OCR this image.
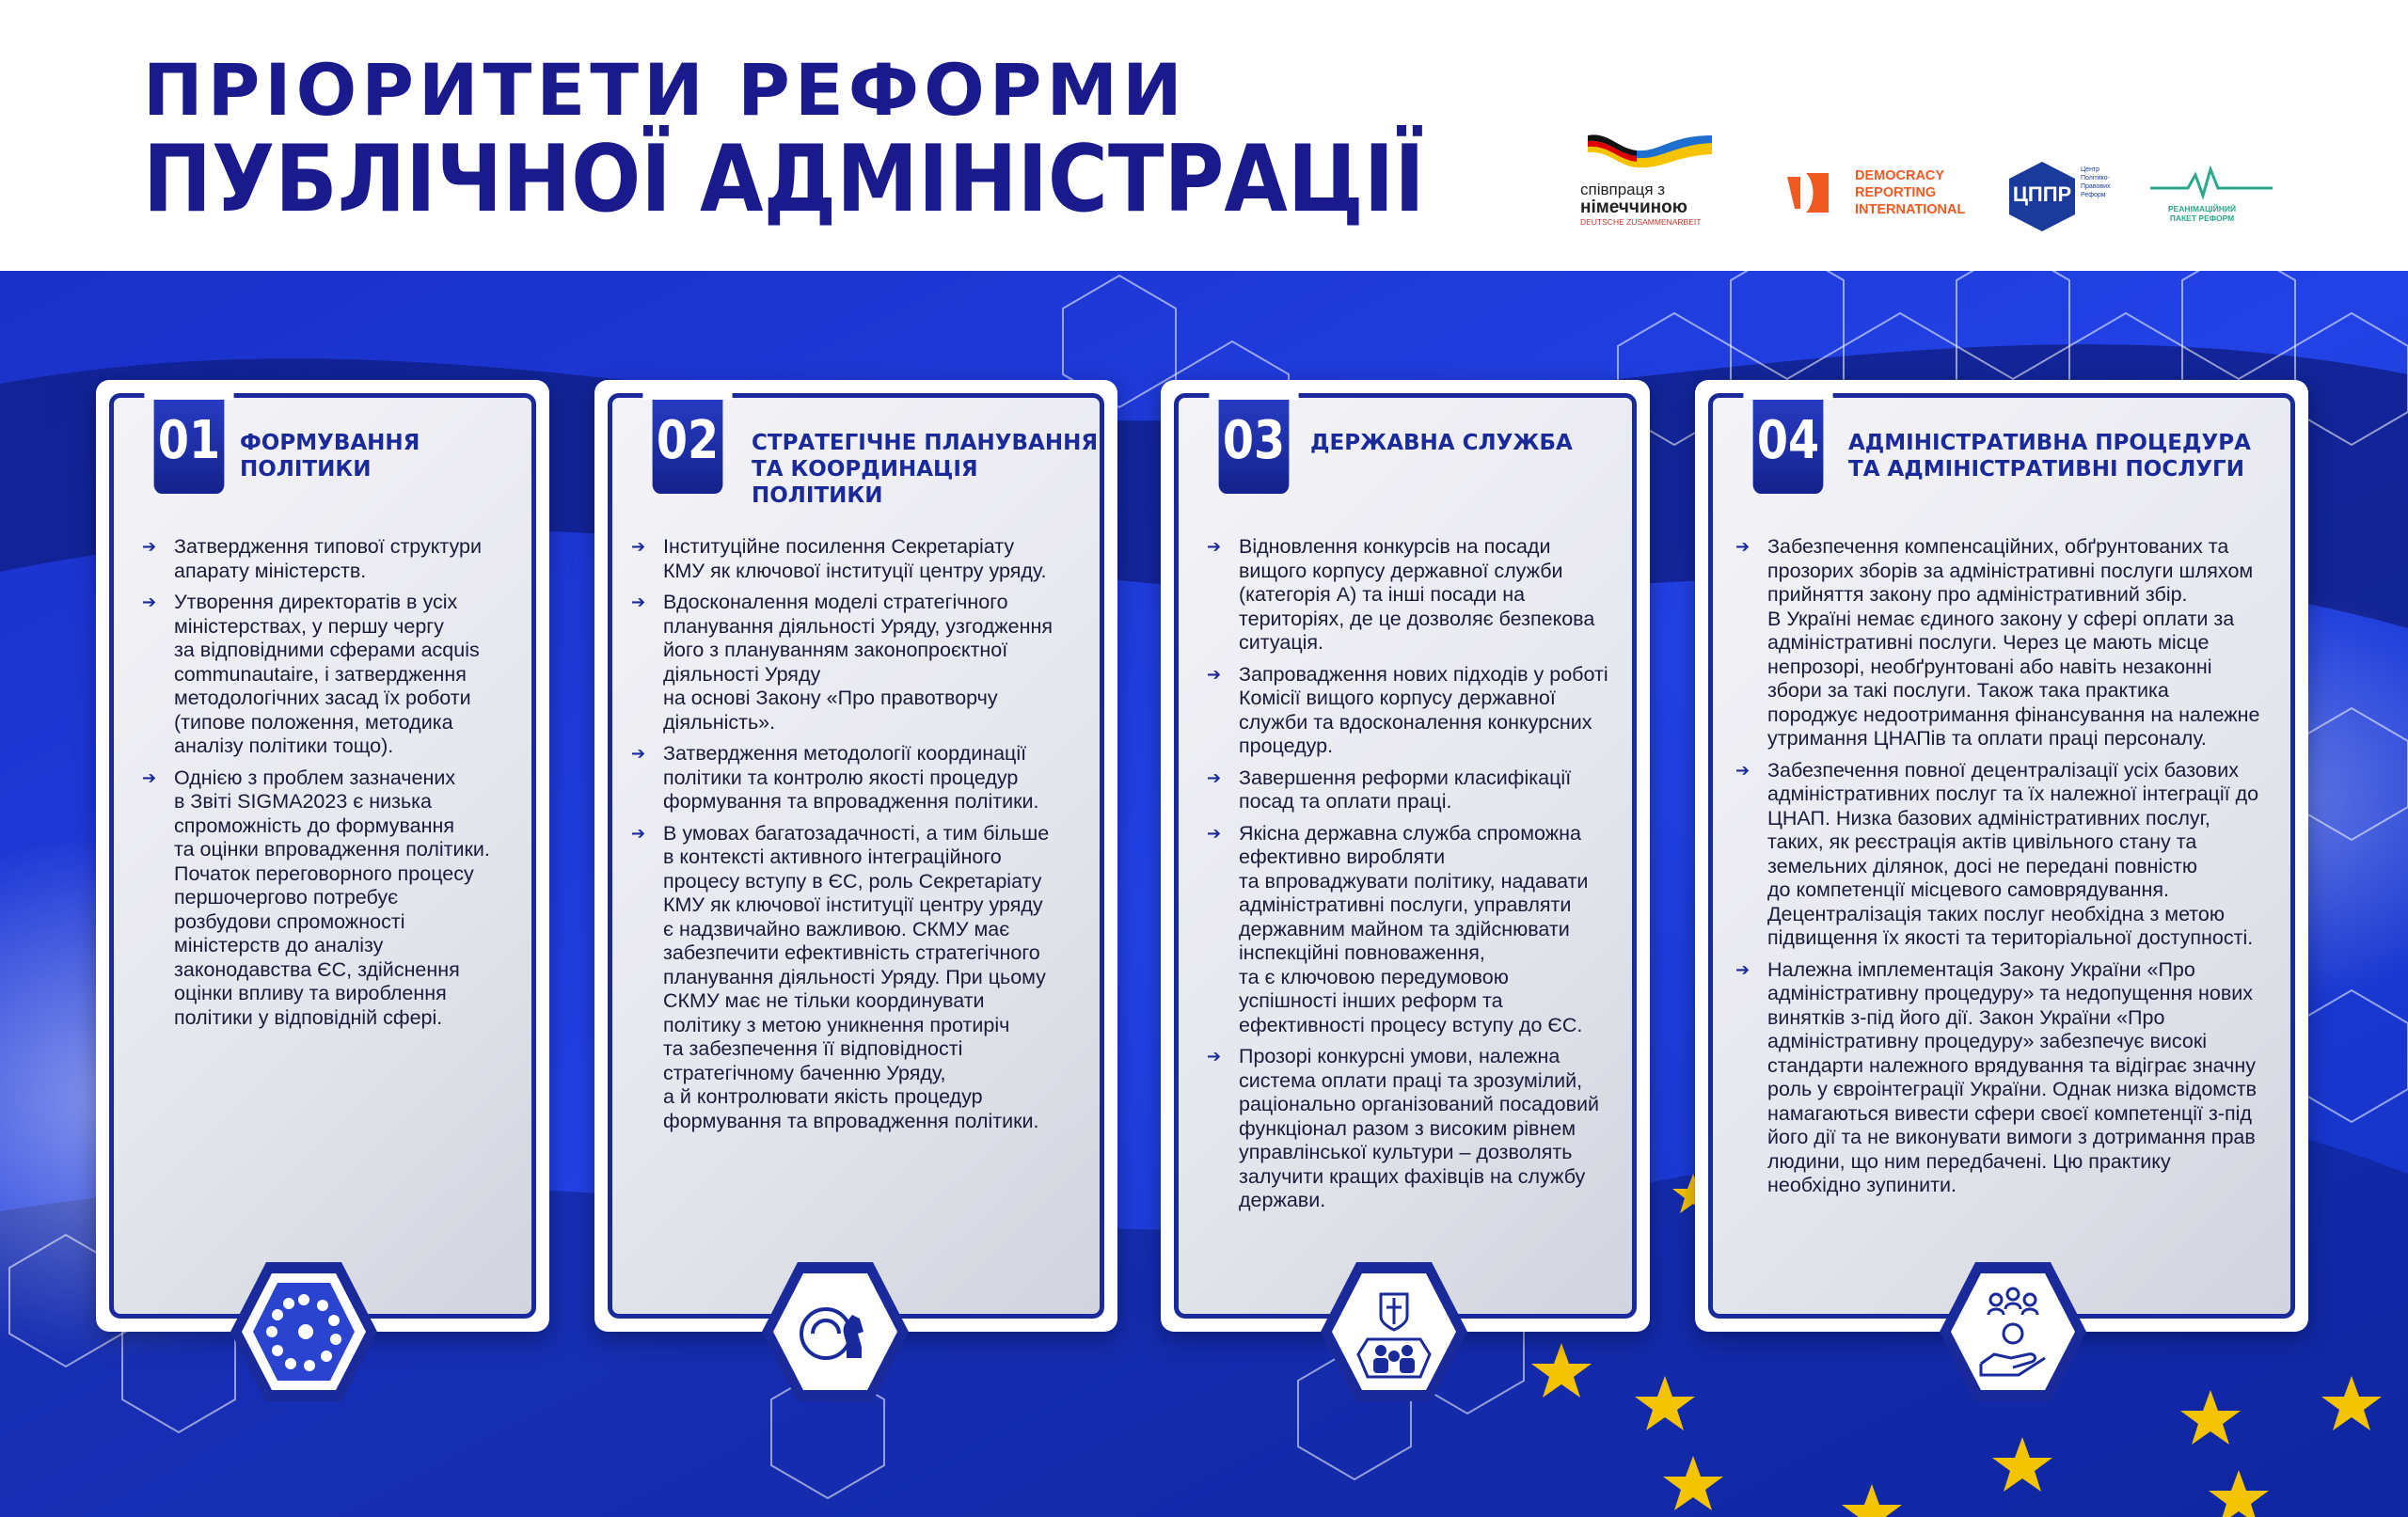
ПРІОРИТЕТИ РЕФОРМИ
ПУБЛІЧНОЇ АДМІНІСТРАЦІЇ	співпраця з
німеччиною
DEUTSCHE ZUSAMMENARBEIT
DEMOCRACY
REPORTING
INTERNATIONAL
ЦППР
Центр
Політико-
Правових
Реформ
РЕАНІМАЦІЙНИЙ
ПАКЕТ РЕФОРМ
01 ФОРМУВАННЯ
ПОЛІТИКИ
➔ Затвердження типової структури
апарату міністерств.
➔ Утворення директоратів в усіх
міністерствах, у першу чергу
за відповідними сферами acquis
communautaire, і затвердження
методологічних засад їх роботи
(типове положення, методика
аналізу політики тощо).
➔ Однією з проблем зазначених
в Звіті SIGMA2023 є низька
спроможність до формування
та оцінки впровадження політики.
Початок переговорного процесу
першочергово потребує
розбудови спроможності
міністерств до аналізу
законодавства ЄС, здійснення
оцінки впливу та вироблення
політики у відповідній сфері.
02 СТРАТЕГІЧНЕ ПЛАНУВАННЯ
ТА КООРДИНАЦІЯ ПОЛІТИКИ
➔ Інституційне посилення Секретаріату
КМУ як ключової інституції центру уряду.
➔ Вдосконалення моделі стратегічного
планування діяльності Уряду, узгодження
його з плануванням законопроєктної
діяльності Уряду
на основі Закону «Про правотворчу
діяльність».
➔ Затвердження методології координації
політики та контролю якості процедур
формування та впровадження політики.
➔ В умовах багатозадачності, а тим більше
в контексті активного інтеграційного
процесу вступу в ЄС, роль Секретаріату
КМУ як ключової інституції центру уряду
є надзвичайно важливою. СКМУ має
забезпечити ефективність стратегічного
планування діяльності Уряду. При цьому
СКМУ має не тільки координувати
політику з метою уникнення протиріч
та забезпечення її відповідності
стратегічному баченню Уряду,
а й контролювати якість процедур
формування та впровадження політики.
03 ДЕРЖАВНА СЛУЖБА
➔ Відновлення конкурсів на посади
вищого корпусу державної служби
(категорія А) та інші посади на
територіях, де це дозволяє безпекова
ситуація.
➔ Запровадження нових підходів у роботі
Комісії вищого корпусу державної
служби та вдосконалення конкурсних
процедур.
➔ Завершення реформи класифікації
посад та оплати праці.
➔ Якісна державна служба спроможна
ефективно виробляти
та впроваджувати політику, надавати
адміністративні послуги, управляти
державним майном та здійснювати
інспекційні повноваження,
та є ключовою передумовою
успішності інших реформ та
ефективності процесу вступу до ЄС.
➔ Прозорі конкурсні умови, належна
система оплати праці та зрозумілий,
раціонально організований посадовий
функціонал разом з високим рівнем
управлінської культури – дозволять
залучити кращих фахівців на службу
держави.
04 АДМІНІСТРАТИВНА ПРОЦЕДУРА
ТА АДМІНІСТРАТИВНІ ПОСЛУГИ
➔ Забезпечення компенсаційних, обґрунтованих та
прозорих зборів за адміністративні послуги шляхом
прийняття закону про адміністративний збір.
В Україні немає єдиного закону у сфері оплати за
адміністративні послуги. Через це мають місце
непрозорі, необґрунтовані або навіть незаконні
збори за такі послуги. Також така практика
породжує недоотримання фінансування на належне
утримання ЦНАПів та оплати праці персоналу.
➔ Забезпечення повної децентралізації усіх базових
адміністративних послуг та їх належної інтеграції до
ЦНАП. Низка базових адміністративних послуг,
таких, як реєстрація актів цивільного стану та
земельних ділянок, досі не передані повністю
до компетенції місцевого самоврядування.
Децентралізація таких послуг необхідна з метою
підвищення їх якості та територіальної доступності.
➔ Належна імплементація Закону України «Про
адміністративну процедуру» та недопущення нових
винятків з-під його дії. Закон України «Про
адміністративну процедуру» забезпечує високі
стандарти належного врядування та відіграє значну
роль у євроінтеграції України. Однак низка відомств
намагаються вивести сфери своєї компетенції з-під
його дії та не виконувати вимоги з дотримання прав
людини, що ним передбачені. Цю практику
необхідно зупинити.
